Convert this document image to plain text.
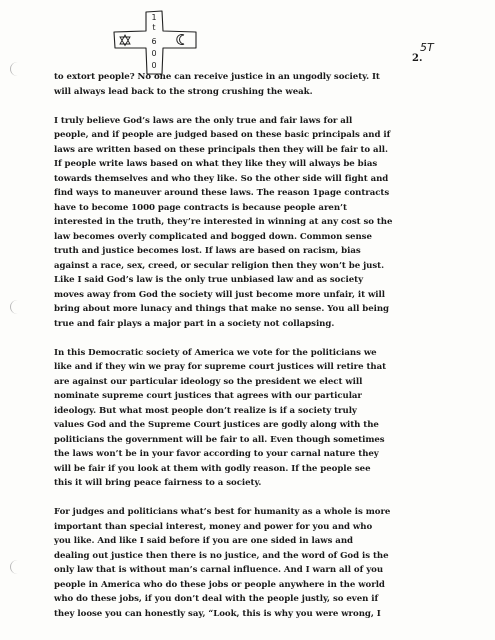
1
t
6
0
0
5T
2.

to extort people? No one can receive justice in an ungodly society. It
will always lead back to the strong crushing the weak.

I truly believe God’s laws are the only true and fair laws for all
people, and if people are judged based on these basic principals and if
laws are written based on these principals then they will be fair to all.
If people write laws based on what they like they will always be bias
towards themselves and who they like. So the other side will fight and
find ways to maneuver around these laws. The reason 1page contracts
have to become 1000 page contracts is because people aren’t
interested in the truth, they’re interested in winning at any cost so the
law becomes overly complicated and bogged down. Common sense
truth and justice becomes lost. If laws are based on racism, bias
against a race, sex, creed, or secular religion then they won’t be just.
Like I said God’s law is the only true unbiased law and as society
moves away from God the society will just become more unfair, it will
bring about more lunacy and things that make no sense. You all being
true and fair plays a major part in a society not collapsing.

In this Democratic society of America we vote for the politicians we
like and if they win we pray for supreme court justices will retire that
are against our particular ideology so the president we elect will
nominate supreme court justices that agrees with our particular
ideology. But what most people don’t realize is if a society truly
values God and the Supreme Court justices are godly along with the
politicians the government will be fair to all. Even though sometimes
the laws won’t be in your favor according to your carnal nature they
will be fair if you look at them with godly reason. If the people see
this it will bring peace fairness to a society.

For judges and politicians what’s best for humanity as a whole is more
important than special interest, money and power for you and who
you like. And like I said before if you are one sided in laws and
dealing out justice then there is no justice, and the word of God is the
only law that is without man’s carnal influence. And I warn all of you
people in America who do these jobs or people anywhere in the world
who do these jobs, if you don’t deal with the people justly, so even if
they loose you can honestly say, “Look, this is why you were wrong, I
